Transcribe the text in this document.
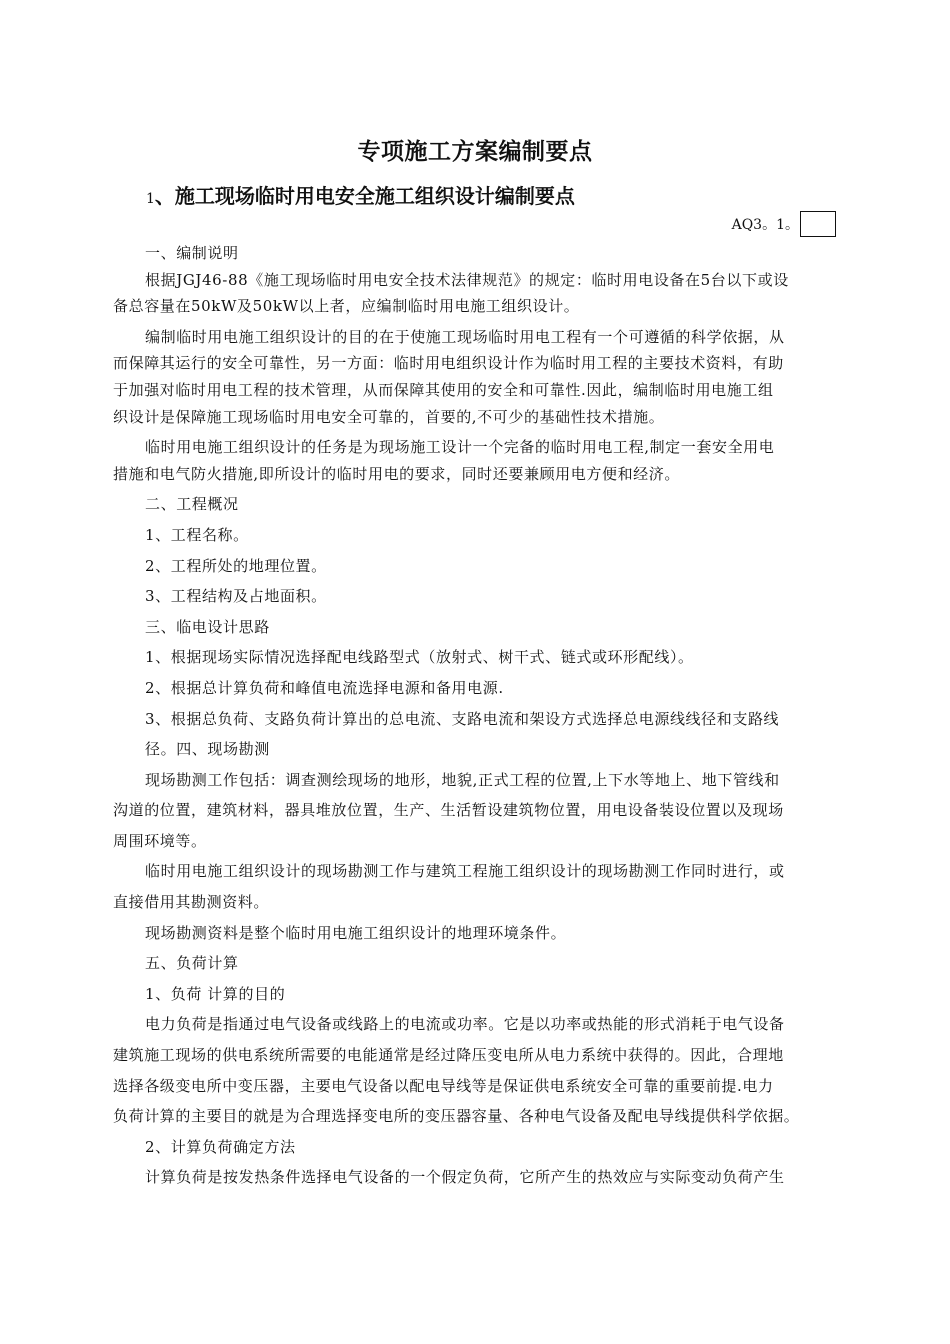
专项施工方案编制要点
1、施工现场临时用电安全施工组织设计编制要点
AQ3。1。
一、编制说明
根据JGJ46-88《施工现场临时用电安全技术法律规范》的规定：临时用电设备在5台以下或设
备总容量在50kW及50kW以上者，应编制临时用电施工组织设计。
编制临时用电施工组织设计的目的在于使施工现场临时用电工程有一个可遵循的科学依据，从
而保障其运行的安全可靠性，另一方面：临时用电组织设计作为临时用工程的主要技术资料，有助
于加强对临时用电工程的技术管理，从而保障其使用的安全和可靠性.因此，编制临时用电施工组
织设计是保障施工现场临时用电安全可靠的，首要的,不可少的基础性技术措施。
临时用电施工组织设计的任务是为现场施工设计一个完备的临时用电工程,制定一套安全用电
措施和电气防火措施,即所设计的临时用电的要求，同时还要兼顾用电方便和经济。
二、工程概况
1、工程名称。
2、工程所处的地理位置。
3、工程结构及占地面积。
三、临电设计思路
1、根据现场实际情况选择配电线路型式（放射式、树干式、链式或环形配线）。
2、根据总计算负荷和峰值电流选择电源和备用电源.
3、根据总负荷、支路负荷计算出的总电流、支路电流和架设方式选择总电源线线径和支路线
径。四、现场勘测
现场勘测工作包括：调查测绘现场的地形，地貌,正式工程的位置,上下水等地上、地下管线和
沟道的位置，建筑材料，器具堆放位置，生产、生活暂设建筑物位置，用电设备装设位置以及现场
周围环境等。
临时用电施工组织设计的现场勘测工作与建筑工程施工组织设计的现场勘测工作同时进行，或
直接借用其勘测资料。
现场勘测资料是整个临时用电施工组织设计的地理环境条件。
五、负荷计算
1、负荷 计算的目的
电力负荷是指通过电气设备或线路上的电流或功率。它是以功率或热能的形式消耗于电气设备
建筑施工现场的供电系统所需要的电能通常是经过降压变电所从电力系统中获得的。因此，合理地
选择各级变电所中变压器，主要电气设备以配电导线等是保证供电系统安全可靠的重要前提.电力
负荷计算的主要目的就是为合理选择变电所的变压器容量、各种电气设备及配电导线提供科学依据。
2、计算负荷确定方法
计算负荷是按发热条件选择电气设备的一个假定负荷，它所产生的热效应与实际变动负荷产生
